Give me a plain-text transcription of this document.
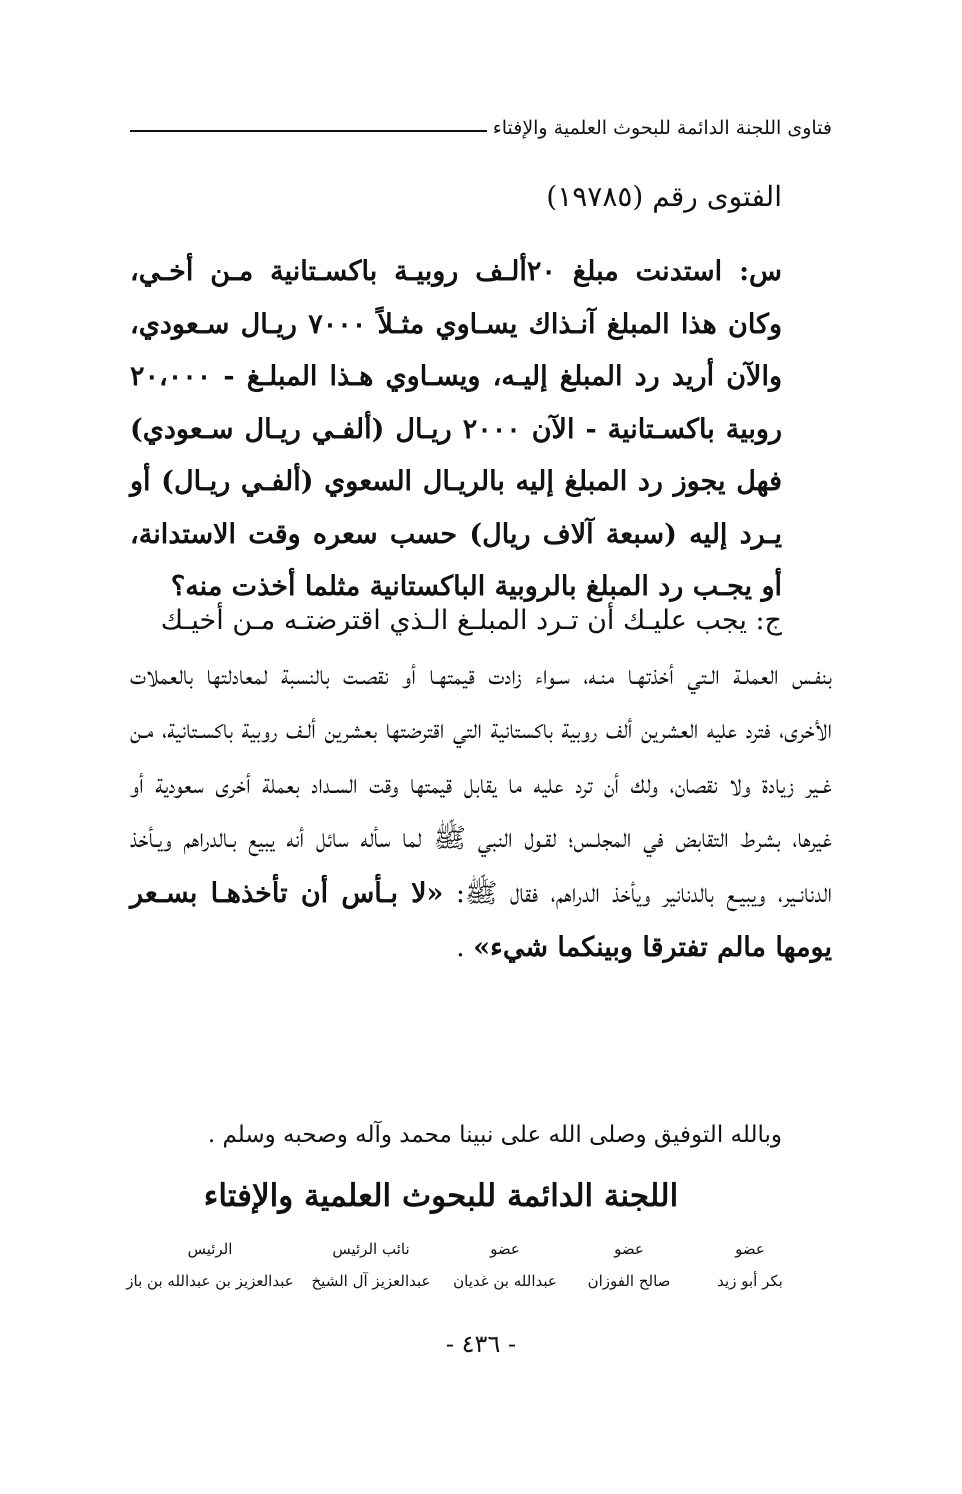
فتاوى اللجنة الدائمة للبحوث العلمية والإفتاء
الفتوى رقم (١٩٧٨٥)
س: استدنت مبلغ ٢٠ألـف روبيـة باكسـتانية مـن أخـي، وكان هذا المبلغ آنـذاك يسـاوي مثـلاً ٧٠٠٠ ريـال سـعودي، والآن أريد رد المبلغ إليـه، ويسـاوي هـذا المبلـغ - ٢٠،٠٠٠ روبية باكسـتانية - الآن ٢٠٠٠ ريـال (ألفـي ريـال سـعودي) فهل يجوز رد المبلغ إليه بالريـال السعوي (ألفـي ريـال) أو يـرد إليه (سبعة آلاف ريال) حسب سعره وقت الاستدانة، أو يجـب رد المبلغ بالروبية الباكستانية مثلما أخذت منه؟
ج: يجب عليـك أن تـرد المبلـغ الـذي اقترضتـه مـن أخيـك
بنفـس العملـة الـتي أخذتهـا منـه، سـواء زادت قيمتهـا أو نقصـت بالنسبة لمعادلتها بالعملات الأخرى، فترد عليه العشرين ألف روبية باكستانية التي اقترضتها بعشرين ألـف روبية باكسـتانية، مـن غـير زيادة ولا نقصان، ولك أن ترد عليه ما يقابل قيمتها وقت السـداد بعملة أخرى سعودية أو غيرها، بشرط التقابض في المجلـس؛ لقـول النبي ﷺ لما سأله سائل أنه يبيع بـالدراهم ويـأخذ الدنانـير، ويبيـع بالدنانير ويأخذ الدراهم، فقال ﷺ: «لا بـأس أن تأخذهـا بسـعر يومها مالم تفترقا وبينكما شيء» .
وبالله التوفيق وصلى الله على نبينا محمد وآله وصحبه وسلم .
اللجنة الدائمة للبحوث العلمية والإفتاء
عضو
بكر أبو زيد
عضو
صالح الفوزان
عضو
عبدالله بن غديان
نائب الرئيس
عبدالعزيز آل الشيخ
الرئيس
عبدالعزيز بن عبدالله بن باز
- ٤٣٦ -
